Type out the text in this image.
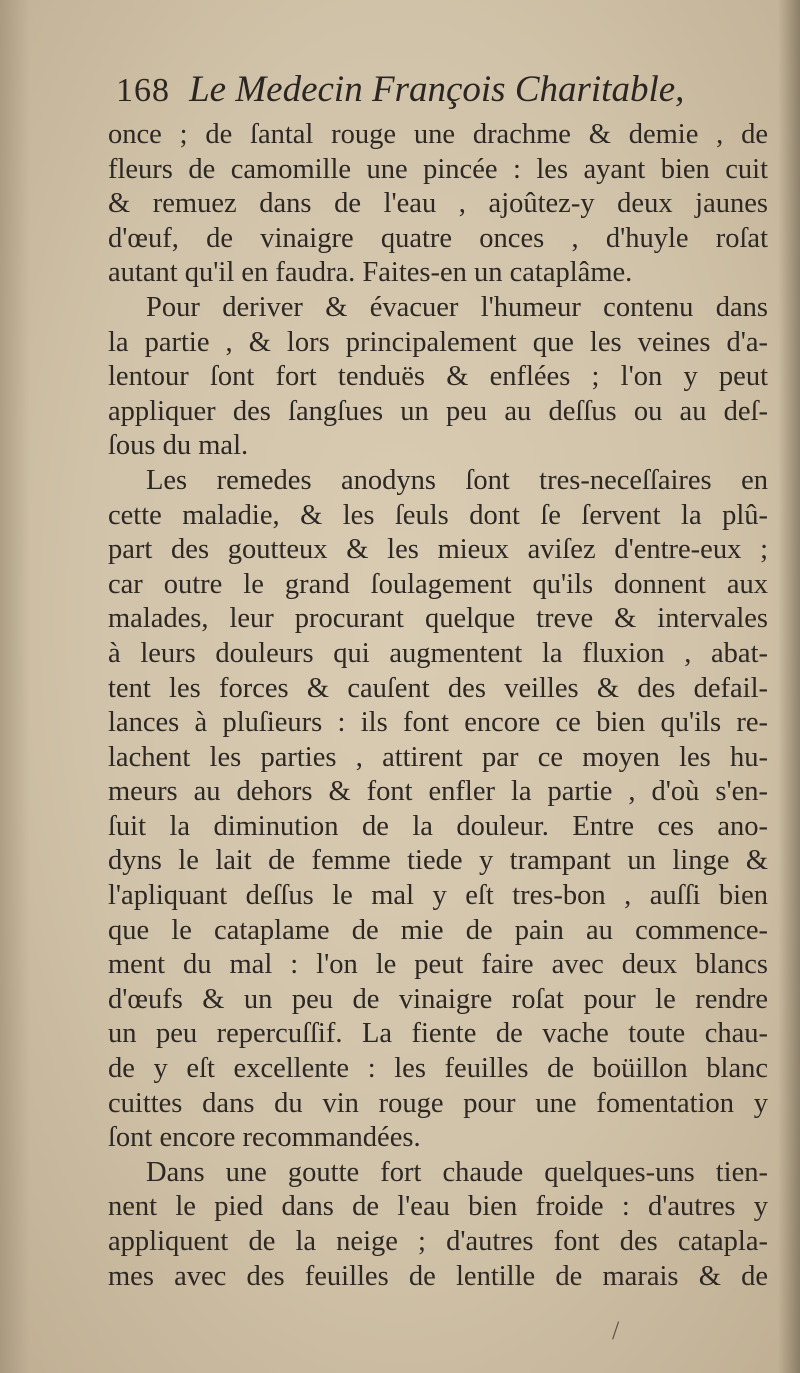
168 Le Medecin François Charitable,
once ; de ſantal rouge une drachme & demie , de
fleurs de camomille une pincée : les ayant bien cuit
& remuez dans de l'eau , ajoûtez-y deux jaunes
d'œuf, de vinaigre quatre onces , d'huyle roſat
autant qu'il en faudra. Faites-en un cataplâme.
Pour deriver & évacuer l'humeur contenu dans
la partie , & lors principalement que les veines d'a-
lentour ſont fort tenduës & enflées ; l'on y peut
appliquer des ſangſues un peu au deſſus ou au deſ-
ſous du mal.
Les remedes anodyns ſont tres-neceſſaires en
cette maladie, & les ſeuls dont ſe ſervent la plû-
part des goutteux & les mieux aviſez d'entre-eux ;
car outre le grand ſoulagement qu'ils donnent aux
malades, leur procurant quelque treve & intervales
à leurs douleurs qui augmentent la fluxion , abat-
tent les forces & cauſent des veilles & des defail-
lances à pluſieurs : ils font encore ce bien qu'ils re-
lachent les parties , attirent par ce moyen les hu-
meurs au dehors & font enfler la partie , d'où s'en-
ſuit la diminution de la douleur. Entre ces ano-
dyns le lait de femme tiede y trampant un linge &
l'apliquant deſſus le mal y eſt tres-bon , auſſi bien
que le cataplame de mie de pain au commence-
ment du mal : l'on le peut faire avec deux blancs
d'œufs & un peu de vinaigre roſat pour le rendre
un peu repercuſſif. La fiente de vache toute chau-
de y eſt excellente : les feuilles de boüillon blanc
cuittes dans du vin rouge pour une fomentation y
ſont encore recommandées.
Dans une goutte fort chaude quelques-uns tien-
nent le pied dans de l'eau bien froide : d'autres y
appliquent de la neige ; d'autres font des catapla-
mes avec des feuilles de lentille de marais & de
/
